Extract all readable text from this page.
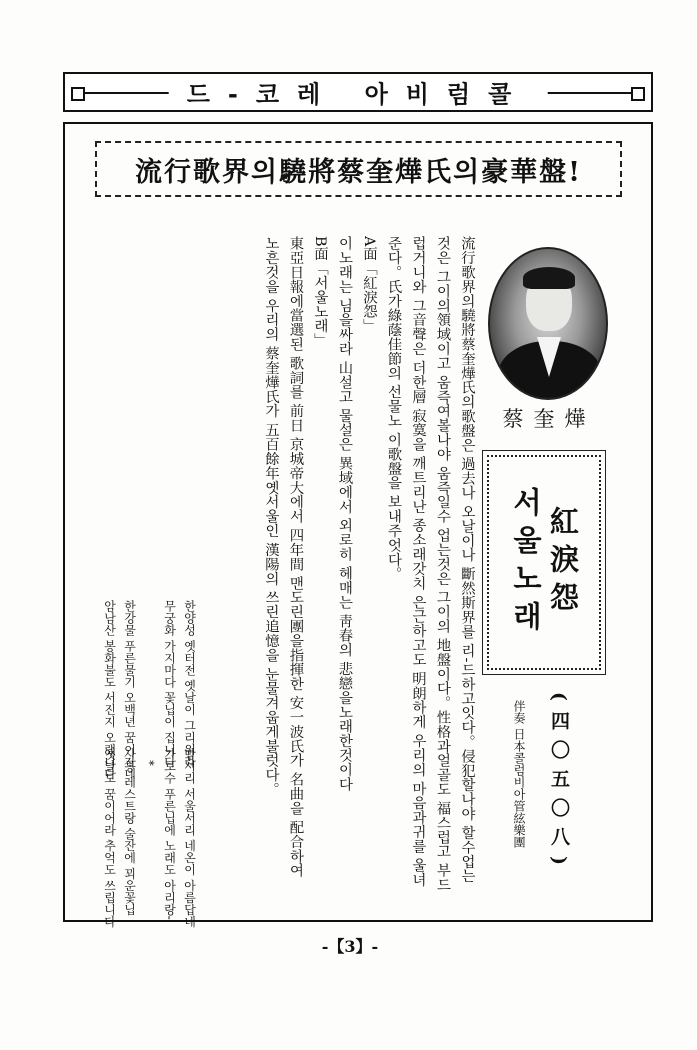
드-코레 아비럼콜
流行歌界의驍將蔡奎燁氏의豪華盤!
蔡奎燁
紅淚怨
서울노래
(四〇五〇八)
伴奏 日本콜럼비아管絃樂團

流行歌界의驍將蔡奎燁氏의歌盤은 過去나 오날이나 斷然斯界를 리-드하고잇다。侵犯할나야 할수업는것은 그이의領域이고 움즉여볼나야 움즉일수 업는것은 그이의 地盤이다。性格과얼골도 福스럽고 부드럽거니와 그音聲은 더한層 寂寞을 깨트리난 종소래갓치 은근하고도 明朗하게 우리의 마음과귀를 울녀준다。氏가綠蔭佳節의 선물노 이歌盤을 보내주엇다。

A面「紅淚怨」

이노래는 님을싸라 山설고 물설은 異域에서 외로히 헤매는 靑春의 悲戀을노래한것이다

B面「서울노래」

東亞日報에當選된 歌詞를 前日 京城帝大에서 四年間 맨도린團을指揮한 安一波氏가 名曲을 配合하여 노흔것을 우리의 蔡奎燁氏가 五百餘年옛서울인 漢陽의 쓰린追憶을 눈물겨웁게불럿다。

한양성 옛터전 옛날이 그리워라
무궁화 가지마다 꽃닙이 집니다
*
한강물 푸른물기 오백년 꿈이자네
암남산 봉화불도 서진지 오랬니다
밤서리 서울서리 네온이 아름답네
가로수 푸른닙에 노래도 아리랑-
사롱 레스트랑 술잔에 꾀운꽃닙
옛날도 꿈이어라 추억도 쓰립니다
-【3】-
